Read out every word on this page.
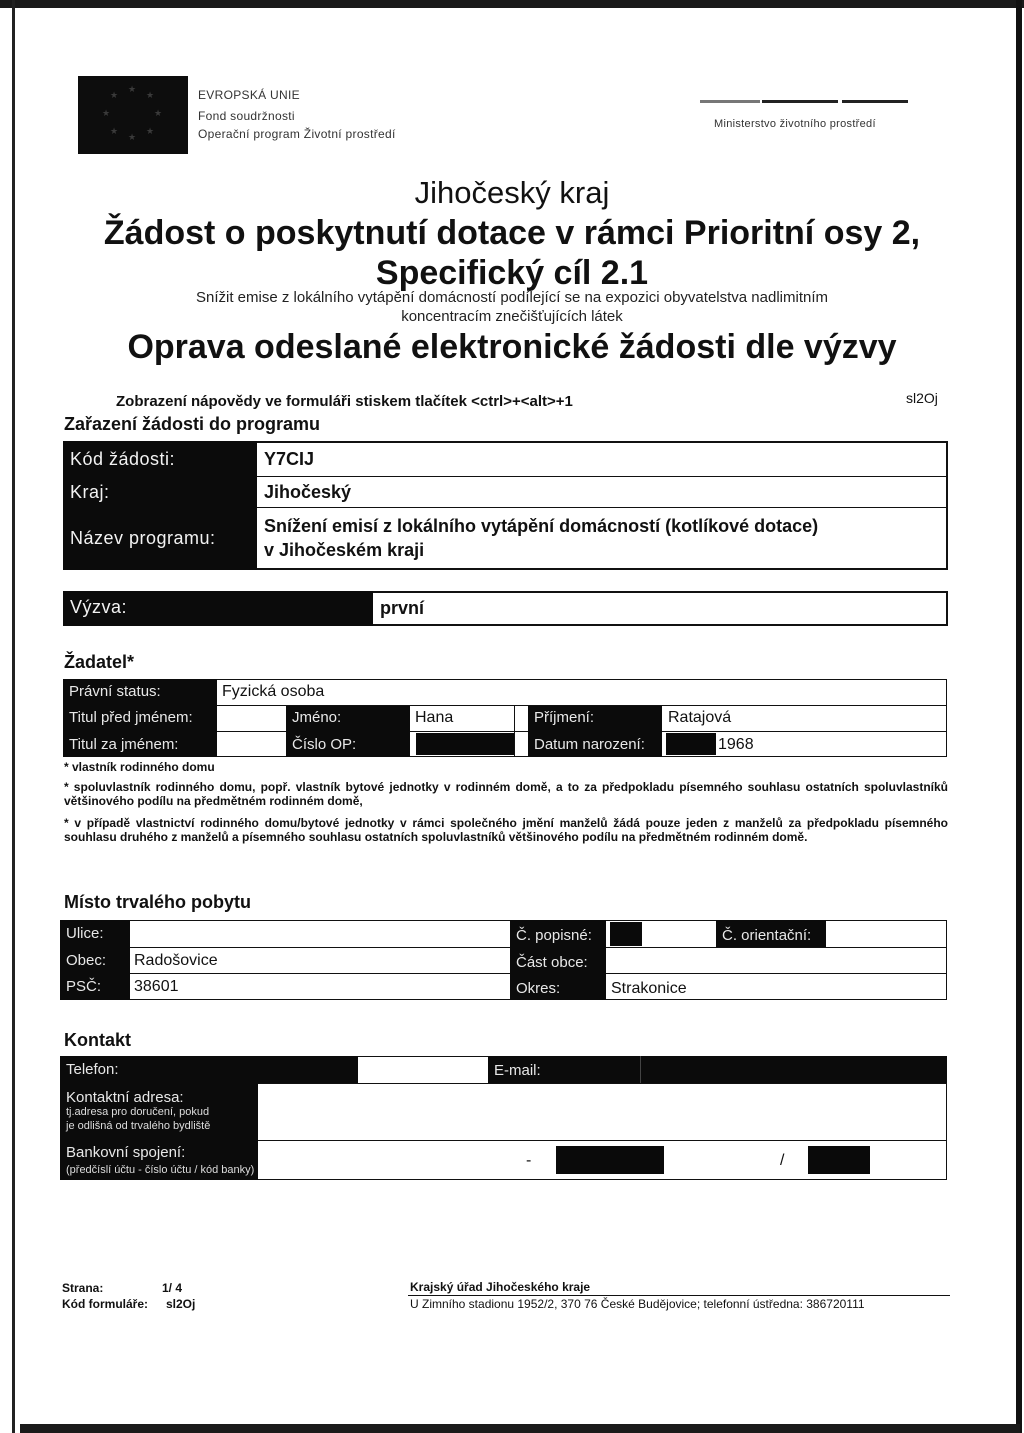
★
★
★
★
★
★
★
★	EVROPSKÁ UNIE
Fond soudržnosti
Operační program Životní prostředí
Ministerstvo životního prostředí
Jihočeský kraj
Žádost o poskytnutí dotace v rámci Prioritní osy 2,
Specifický cíl 2.1
Snížit emise z lokálního vytápění domácností podílející se na expozici obyvatelstva nadlimitním
koncentracím znečišťujících látek
Oprava odeslané elektronické žádosti dle výzvy
Zobrazení nápovědy ve formuláři stiskem tlačítek <ctrl>+<alt>+1	sl2Oj
Zařazení žádosti do programu
Kód žádosti:	Y7CIJ
Kraj:	Jihočeský
Název programu:
Snížení emisí z lokálního vytápění domácností (kotlíkové dotace)
v Jihočeském kraji
Výzva:	první
Žadatel*
Právní status:	Fyzická osoba
Titul před jménem:	Jméno:	Hana	Příjmení:	Ratajová
Titul za jménem:	Číslo OP:	Datum narození:	1968
* vlastník rodinného domu
* spoluvlastník rodinného domu, popř. vlastník bytové jednotky v rodinném domě, a to za předpokladu písemného souhlasu ostatních spoluvlastníků většinového podílu na předmětném rodinném domě,
* v případě vlastnictví rodinného domu/bytové jednotky v rámci společného jmění manželů žádá pouze jeden z manželů za předpokladu písemného souhlasu druhého z manželů a písemného souhlasu ostatních spoluvlastníků většinového podílu na předmětném rodinném domě.
Místo trvalého pobytu
Ulice:	Č. popisné:	Č. orientační:
Obec: Radošovice	Část obce:
PSČ: 38601	Okres:	Strakonice
Kontakt
Telefon:	E-mail:
Kontaktní adresa:
tj.adresa pro doručení, pokud
je odlišná od trvalého bydliště
Bankovní spojení:
(předčíslí účtu - číslo účtu / kód banky)
-	/
Strana:	1/ 4
Kód formuláře: sl2Oj
Krajský úřad Jihočeského kraje
U Zimního stadionu 1952/2, 370 76 České Budějovice; telefonní ústředna: 386720111
